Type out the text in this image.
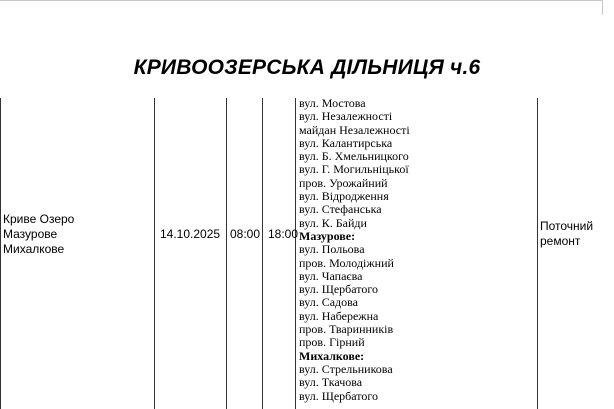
КРИВООЗЕРСЬКА ДІЛЬНИЦЯ ч.6
Криве Озеро
Мазурове
Михалкове
14.10.2025 08:00 18:00
вул. Мостова
вул. Незалежності
майдан Незалежності
вул. Калантирська
вул. Б. Хмельницкого
вул. Г. Могильніцької
пров. Урожайний
вул. Відродження
вул. Стефанська
вул. К. Байди
Мазурове:
вул. Польова
пров. Молодіжний
вул. Чапаєва
вул. Щербатого
вул. Садова
вул. Набережна
пров. Тваринників
пров. Гірний
Михалкове:
вул. Стрельникова
вул. Ткачова
вул. Щербатого
Поточний
ремонт
